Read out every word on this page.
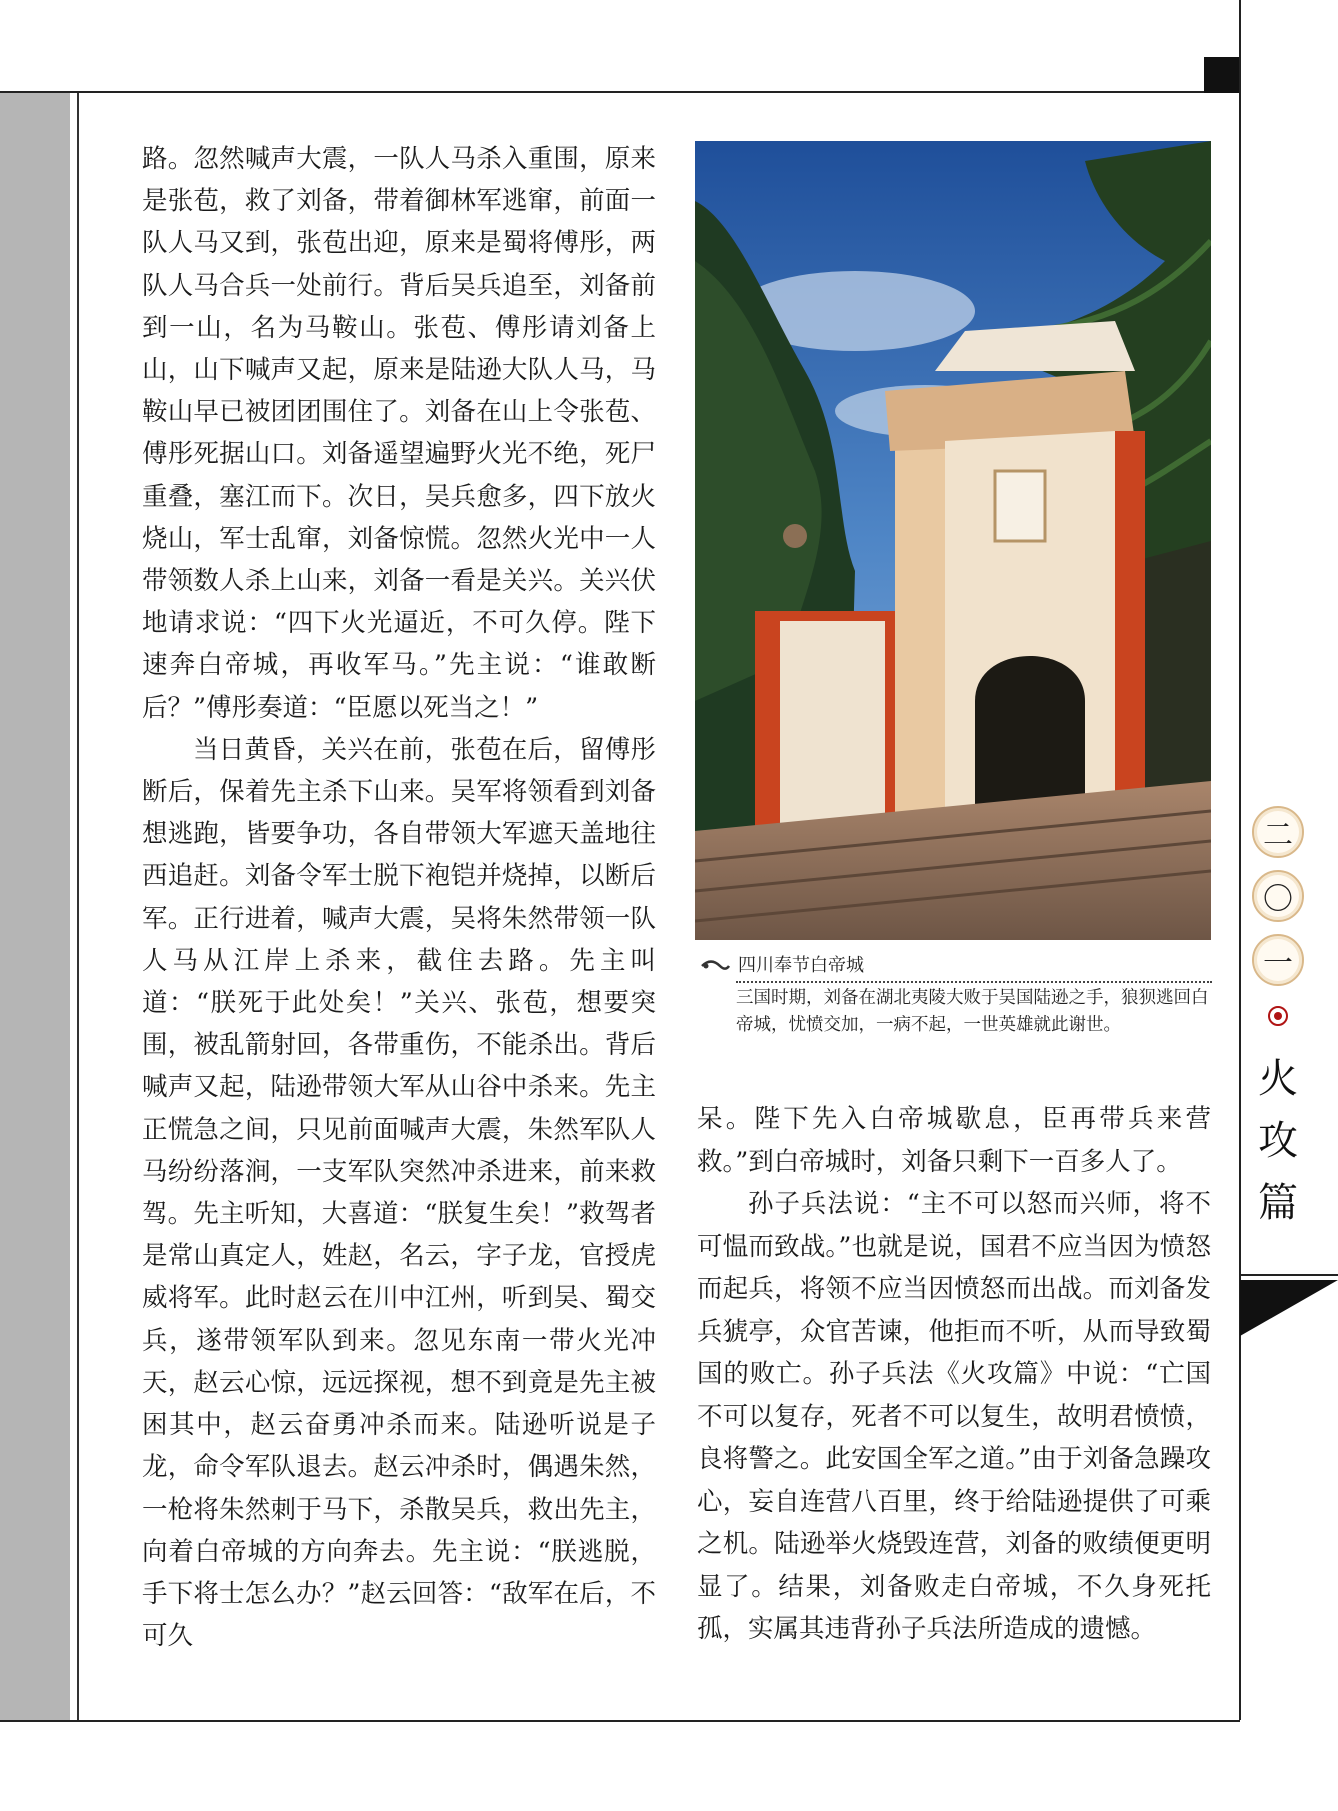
路。忽然喊声大震，一队人马杀入重围，原来是张苞，救了刘备，带着御林军逃窜，前面一队人马又到，张苞出迎，原来是蜀将傅彤，两队人马合兵一处前行。背后吴兵追至，刘备前到一山，名为马鞍山。张苞、傅彤请刘备上山，山下喊声又起，原来是陆逊大队人马，马鞍山早已被团团围住了。刘备在山上令张苞、傅彤死据山口。刘备遥望遍野火光不绝，死尸重叠，塞江而下。次日，吴兵愈多，四下放火烧山，军士乱窜，刘备惊慌。忽然火光中一人带领数人杀上山来，刘备一看是关兴。关兴伏地请求说：“四下火光逼近，不可久停。陛下速奔白帝城，再收军马。”先主说：“谁敢断后？”傅彤奏道：“臣愿以死当之！”

当日黄昏，关兴在前，张苞在后，留傅彤断后，保着先主杀下山来。吴军将领看到刘备想逃跑，皆要争功，各自带领大军遮天盖地往西追赶。刘备令军士脱下袍铠并烧掉，以断后军。正行进着，喊声大震，吴将朱然带领一队人马从江岸上杀来，截住去路。先主叫道：“朕死于此处矣！”关兴、张苞，想要突围，被乱箭射回，各带重伤，不能杀出。背后喊声又起，陆逊带领大军从山谷中杀来。先主正慌急之间，只见前面喊声大震，朱然军队人马纷纷落涧，一支军队突然冲杀进来，前来救驾。先主听知，大喜道：“朕复生矣！”救驾者是常山真定人，姓赵，名云，字子龙，官授虎威将军。此时赵云在川中江州，听到吴、蜀交兵，遂带领军队到来。忽见东南一带火光冲天，赵云心惊，远远探视，想不到竟是先主被困其中，赵云奋勇冲杀而来。陆逊听说是子龙，命令军队退去。赵云冲杀时，偶遇朱然，一枪将朱然刺于马下，杀散吴兵，救出先主，向着白帝城的方向奔去。先主说：“朕逃脱，手下将士怎么办？”赵云回答：“敌军在后，不可久

四川奉节白帝城
三国时期，刘备在湖北夷陵大败于吴国陆逊之手，狼狈逃回白帝城，忧愤交加，一病不起，一世英雄就此谢世。

呆。陛下先入白帝城歇息，臣再带兵来营救。”到白帝城时，刘备只剩下一百多人了。

孙子兵法说：“主不可以怒而兴师，将不可愠而致战。”也就是说，国君不应当因为愤怒而起兵，将领不应当因愤怒而出战。而刘备发兵猇亭，众官苦谏，他拒而不听，从而导致蜀国的败亡。孙子兵法《火攻篇》中说：“亡国不可以复存，死者不可以复生，故明君愤愤，良将警之。此安国全军之道。”由于刘备急躁攻心，妄自连营八百里，终于给陆逊提供了可乘之机。陆逊举火烧毁连营，刘备的败绩便更明显了。结果，刘备败走白帝城，不久身死托孤，实属其违背孙子兵法所造成的遗憾。

二
〇
一
火
攻
篇
